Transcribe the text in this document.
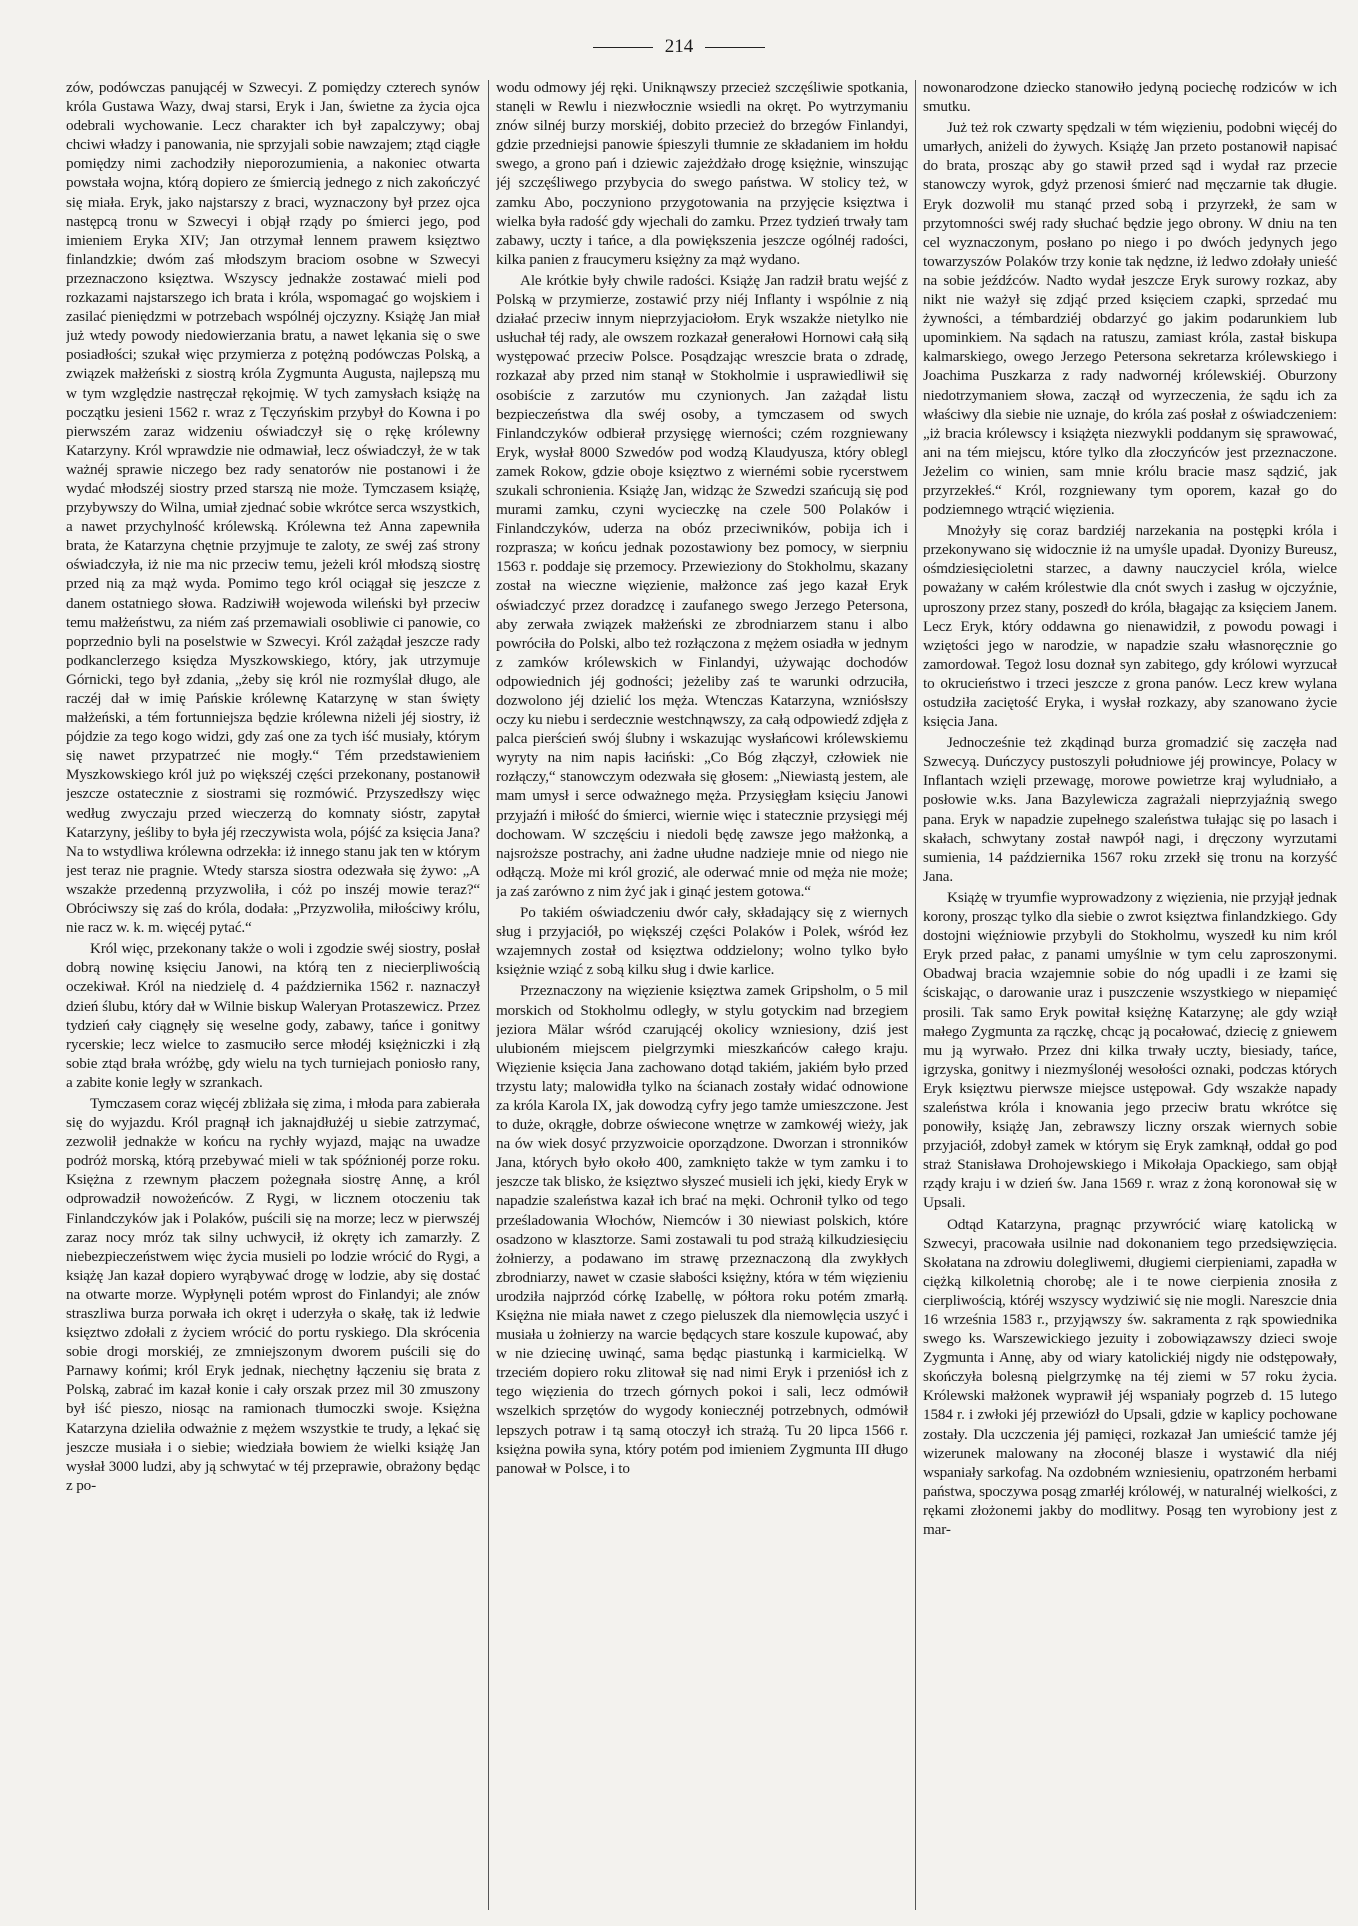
214

zów, podówczas panującéj w Szwecyi. Z pomiędzy czterech synów króla Gustawa Wazy, dwaj starsi, Eryk i Jan, świetne za życia ojca odebrali wychowanie. Lecz charakter ich był zapalczywy; obaj chciwi władzy i panowania, nie sprzyjali sobie nawzajem; ztąd ciągłe pomiędzy nimi zachodziły nieporozumienia, a nakoniec otwarta powstała wojna, którą dopiero ze śmiercią jednego z nich zakończyć się miała. Eryk, jako najstarszy z braci, wyznaczony był przez ojca następcą tronu w Szwecyi i objął rządy po śmierci jego, pod imieniem Eryka XIV; Jan otrzymał lennem prawem księztwo finlandzkie; dwóm zaś młodszym braciom osobne w Szwecyi przeznaczono księztwa. Wszyscy jednakże zostawać mieli pod rozkazami najstarszego ich brata i króla, wspomagać go wojskiem i zasilać pieniędzmi w potrzebach wspólnéj ojczyzny. Książę Jan miał już wtedy powody niedowierzania bratu, a nawet lękania się o swe posiadłości; szukał więc przymierza z potężną podówczas Polską, a związek małżeński z siostrą króla Zygmunta Augusta, najlepszą mu w tym względzie nastręczał rękojmię. W tych zamysłach książę na początku jesieni 1562 r. wraz z Tęczyńskim przybył do Kowna i po pierwszém zaraz widzeniu oświadczył się o rękę królewny Katarzyny. Król wprawdzie nie odmawiał, lecz oświadczył, że w tak ważnéj sprawie niczego bez rady senatorów nie postanowi i że wydać młodszéj siostry przed starszą nie może. Tymczasem książę, przybywszy do Wilna, umiał zjednać sobie wkrótce serca wszystkich, a nawet przychylność królewską. Królewna też Anna zapewniła brata, że Katarzyna chętnie przyjmuje te zaloty, ze swéj zaś strony oświadczyła, iż nie ma nic przeciw temu, jeżeli król młodszą siostrę przed nią za mąż wyda. Pomimo tego król ociągał się jeszcze z danem ostatniego słowa. Radziwiłł wojewoda wileński był przeciw temu małżeństwu, za niém zaś przemawiali osobliwie ci panowie, co poprzednio byli na poselstwie w Szwecyi. Król zażądał jeszcze rady podkanclerzego księdza Myszkowskiego, który, jak utrzymuje Górnicki, tego był zdania, „żeby się król nie rozmyślał długo, ale raczéj dał w imię Pańskie królewnę Katarzynę w stan święty małżeński, a tém fortunniejsza będzie królewna niżeli jéj siostry, iż pójdzie za tego kogo widzi, gdy zaś one za tych iść musiały, którym się nawet przypatrzeć nie mogły.“ Tém przedstawieniem Myszkowskiego król już po większéj części przekonany, postanowił jeszcze ostatecznie z siostrami się rozmówić. Przyszedłszy więc według zwyczaju przed wieczerzą do komnaty sióstr, zapytał Katarzyny, jeśliby to była jéj rzeczywista wola, pójść za księcia Jana? Na to wstydliwa królewna odrzekła: iż innego stanu jak ten w którym jest teraz nie pragnie. Wtedy starsza siostra odezwała się żywo: „A wszakże przedenną przyzwoliła, i cóż po inszéj mowie teraz?“ Obróciwszy się zaś do króla, dodała: „Przyzwoliła, miłościwy królu, nie racz w. k. m. więcéj pytać.“

Król więc, przekonany także o woli i zgodzie swéj siostry, posłał dobrą nowinę księciu Janowi, na którą ten z niecierpliwością oczekiwał. Król na niedzielę d. 4 października 1562 r. naznaczył dzień ślubu, który dał w Wilnie biskup Waleryan Protaszewicz. Przez tydzień cały ciągnęły się weselne gody, zabawy, tańce i gonitwy rycerskie; lecz wielce to zasmuciło serce młodéj księżniczki i złą sobie ztąd brała wróżbę, gdy wielu na tych turniejach poniosło rany, a zabite konie legły w szrankach.

Tymczasem coraz więcéj zbliżała się zima, i młoda para zabierała się do wyjazdu. Król pragnął ich jaknajdłużéj u siebie zatrzymać, zezwolił jednakże w końcu na rychły wyjazd, mając na uwadze podróż morską, którą przebywać mieli w tak spóźnionéj porze roku. Księżna z rzewnym płaczem pożegnała siostrę Annę, a król odprowadził nowożeńców. Z Rygi, w licznem otoczeniu tak Finlandczyków jak i Polaków, puścili się na morze; lecz w pierwszéj zaraz nocy mróz tak silny uchwycił, iż okręty ich zamarzły. Z niebezpieczeństwem więc życia musieli po lodzie wrócić do Rygi, a książę Jan kazał dopiero wyrąbywać drogę w lodzie, aby się dostać na otwarte morze. Wypłynęli potém wprost do Finlandyi; ale znów straszliwa burza porwała ich okręt i uderzyła o skałę, tak iż ledwie księztwo zdołali z życiem wrócić do portu ryskiego. Dla skrócenia sobie drogi morskiéj, ze zmniejszonym dworem puścili się do Parnawy końmi; król Eryk jednak, niechętny łączeniu się brata z Polską, zabrać im kazał konie i cały orszak przez mil 30 zmuszony był iść pieszo, niosąc na ramionach tłumoczki swoje. Księżna Katarzyna dzieliła odważnie z mężem wszystkie te trudy, a lękać się jeszcze musiała i o siebie; wiedziała bowiem że wielki książę Jan wysłał 3000 ludzi, aby ją schwytać w téj przeprawie, obrażony będąc z po-

wodu odmowy jéj ręki. Uniknąwszy przecież szczęśliwie spotkania, stanęli w Rewlu i niezwłocznie wsiedli na okręt. Po wytrzymaniu znów silnéj burzy morskiéj, dobito przecież do brzegów Finlandyi, gdzie przedniejsi panowie śpieszyli tłumnie ze składaniem im hołdu swego, a grono pań i dziewic zajeżdżało drogę księżnie, winszując jéj szczęśliwego przybycia do swego państwa. W stolicy też, w zamku Abo, poczyniono przygotowania na przyjęcie księztwa i wielka była radość gdy wjechali do zamku. Przez tydzień trwały tam zabawy, uczty i tańce, a dla powiększenia jeszcze ogólnéj radości, kilka panien z fraucymeru księżny za mąż wydano.

Ale krótkie były chwile radości. Książę Jan radził bratu wejść z Polską w przymierze, zostawić przy niéj Inflanty i wspólnie z nią działać przeciw innym nieprzyjaciołom. Eryk wszakże nietylko nie usłuchał téj rady, ale owszem rozkazał generałowi Hornowi całą siłą występować przeciw Polsce. Posądzając wreszcie brata o zdradę, rozkazał aby przed nim stanął w Stokholmie i usprawiedliwił się osobiście z zarzutów mu czynionych. Jan zażądał listu bezpieczeństwa dla swéj osoby, a tymczasem od swych Finlandczyków odbierał przysięgę wierności; czém rozgniewany Eryk, wysłał 8000 Szwedów pod wodzą Klaudyusza, który oblegl zamek Rokow, gdzie oboje księztwo z wiernémi sobie rycerstwem szukali schronienia. Książę Jan, widząc że Szwedzi szańcują się pod murami zamku, czyni wycieczkę na czele 500 Polaków i Finlandczyków, uderza na obóz przeciwników, pobija ich i rozprasza; w końcu jednak pozostawiony bez pomocy, w sierpniu 1563 r. poddaje się przemocy. Przewieziony do Stokholmu, skazany został na wieczne więzienie, małżonce zaś jego kazał Eryk oświadczyć przez doradzcę i zaufanego swego Jerzego Petersona, aby zerwała związek małżeński ze zbrodniarzem stanu i albo powróciła do Polski, albo też rozłączona z mężem osiadła w jednym z zamków królewskich w Finlandyi, używając dochodów odpowiednich jéj godności; jeżeliby zaś te warunki odrzuciła, dozwolono jéj dzielić los męża. Wtenczas Katarzyna, wzniósłszy oczy ku niebu i serdecznie westchnąwszy, za całą odpowiedź zdjęła z palca pierścień swój ślubny i wskazując wysłańcowi królewskiemu wyryty na nim napis łaciński: „Co Bóg złączył, człowiek nie rozłączy,“ stanowczym odezwała się głosem: „Niewiastą jestem, ale mam umysł i serce odważnego męża. Przysięgłam księciu Janowi przyjaźń i miłość do śmierci, wiernie więc i statecznie przysięgi méj dochowam. W szczęściu i niedoli będę zawsze jego małżonką, a najsroższe postrachy, ani żadne ułudne nadzieje mnie od niego nie odłączą. Może mi król grozić, ale oderwać mnie od męża nie może; ja zaś zarówno z nim żyć jak i ginąć jestem gotowa.“

Po takiém oświadczeniu dwór cały, składający się z wiernych sług i przyjaciół, po większéj części Polaków i Polek, wśród łez wzajemnych został od księztwa oddzielony; wolno tylko było księżnie wziąć z sobą kilku sług i dwie karlice.

Przeznaczony na więzienie księztwa zamek Gripsholm, o 5 mil morskich od Stokholmu odległy, w stylu gotyckim nad brzegiem jeziora Mälar wśród czarującéj okolicy wzniesiony, dziś jest ulubioném miejscem pielgrzymki mieszkańców całego kraju. Więzienie księcia Jana zachowano dotąd takiém, jakiém było przed trzystu laty; malowidła tylko na ścianach zostały widać odnowione za króla Karola IX, jak dowodzą cyfry jego tamże umieszczone. Jest to duże, okrągłe, dobrze oświecone wnętrze w zamkowéj wieży, jak na ów wiek dosyć przyzwoicie oporządzone. Dworzan i stronników Jana, których było około 400, zamknięto także w tym zamku i to jeszcze tak blisko, że księztwo słyszeć musieli ich jęki, kiedy Eryk w napadzie szaleństwa kazał ich brać na męki. Ochronił tylko od tego prześladowania Włochów, Niemców i 30 niewiast polskich, które osadzono w klasztorze. Sami zostawali tu pod strażą kilkudziesięciu żołnierzy, a podawano im strawę przeznaczoną dla zwykłych zbrodniarzy, nawet w czasie słabości księżny, która w tém więzieniu urodziła najprzód córkę Izabellę, w półtora roku potém zmarłą. Księżna nie miała nawet z czego pieluszek dla niemowlęcia uszyć i musiała u żołnierzy na warcie będących stare koszule kupować, aby w nie dziecinę uwinąć, sama będąc piastunką i karmicielką. W trzeciém dopiero roku zlitował się nad nimi Eryk i przeniósł ich z tego więzienia do trzech górnych pokoi i sali, lecz odmówił wszelkich sprzętów do wygody koniecznéj potrzebnych, odmówił lepszych potraw i tą samą otoczył ich strażą. Tu 20 lipca 1566 r. księżna powiła syna, który potém pod imieniem Zygmunta III długo panował w Polsce, i to

nowonarodzone dziecko stanowiło jedyną pociechę rodziców w ich smutku.

Już też rok czwarty spędzali w tém więzieniu, podobni więcéj do umarłych, aniżeli do żywych. Książę Jan przeto postanowił napisać do brata, prosząc aby go stawił przed sąd i wydał raz przecie stanowczy wyrok, gdyż przenosi śmierć nad męczarnie tak długie. Eryk dozwolił mu stanąć przed sobą i przyrzekł, że sam w przytomności swéj rady słuchać będzie jego obrony. W dniu na ten cel wyznaczonym, posłano po niego i po dwóch jedynych jego towarzyszów Polaków trzy konie tak nędzne, iż ledwo zdołały unieść na sobie jeźdźców. Nadto wydał jeszcze Eryk surowy rozkaz, aby nikt nie ważył się zdjąć przed księciem czapki, sprzedać mu żywności, a témbardziéj obdarzyć go jakim podarunkiem lub upominkiem. Na sądach na ratuszu, zamiast króla, zastał biskupa kalmarskiego, owego Jerzego Petersona sekretarza królewskiego i Joachima Puszkarza z rady nadwornéj królewskiéj. Oburzony niedotrzymaniem słowa, zaczął od wyrzeczenia, że sądu ich za właściwy dla siebie nie uznaje, do króla zaś posłał z oświadczeniem: „iż bracia królewscy i książęta niezwykli poddanym się sprawować, ani na tém miejscu, które tylko dla złoczyńców jest przeznaczone. Jeżelim co winien, sam mnie królu bracie masz sądzić, jak przyrzekłeś.“ Król, rozgniewany tym oporem, kazał go do podziemnego wtrącić więzienia.

Mnożyły się coraz bardziéj narzekania na postępki króla i przekonywano się widocznie iż na umyśle upadał. Dyonizy Bureusz, ośmdziesięcioletni starzec, a dawny nauczyciel króla, wielce poważany w całém królestwie dla cnót swych i zasług w ojczyźnie, uproszony przez stany, poszedł do króla, błagając za księciem Janem. Lecz Eryk, który oddawna go nienawidził, z powodu powagi i wziętości jego w narodzie, w napadzie szału własnoręcznie go zamordował. Tegoż losu doznał syn zabitego, gdy królowi wyrzucał to okrucieństwo i trzeci jeszcze z grona panów. Lecz krew wylana ostudziła zaciętość Eryka, i wysłał rozkazy, aby szanowano życie księcia Jana.

Jednocześnie też zkądinąd burza gromadzić się zaczęła nad Szwecyą. Duńczycy pustoszyli południowe jéj prowincye, Polacy w Inflantach wzięli przewagę, morowe powietrze kraj wyludniało, a posłowie w.ks. Jana Bazylewicza zagrażali nieprzyjaźnią swego pana. Eryk w napadzie zupełnego szaleństwa tułając się po lasach i skałach, schwytany został nawpół nagi, i dręczony wyrzutami sumienia, 14 października 1567 roku zrzekł się tronu na korzyść Jana.

Książę w tryumfie wyprowadzony z więzienia, nie przyjął jednak korony, prosząc tylko dla siebie o zwrot księztwa finlandzkiego. Gdy dostojni więźniowie przybyli do Stokholmu, wyszedł ku nim król Eryk przed pałac, z panami umyślnie w tym celu zaproszonymi. Obadwaj bracia wzajemnie sobie do nóg upadli i ze łzami się ściskając, o darowanie uraz i puszczenie wszystkiego w niepamięć prosili. Tak samo Eryk powitał księżnę Katarzynę; ale gdy wziął małego Zygmunta za rączkę, chcąc ją pocałować, dziecię z gniewem mu ją wyrwało. Przez dni kilka trwały uczty, biesiady, tańce, igrzyska, gonitwy i niezmyślonéj wesołości oznaki, podczas których Eryk księztwu pierwsze miejsce ustępował. Gdy wszakże napady szaleństwa króla i knowania jego przeciw bratu wkrótce się ponowiły, książę Jan, zebrawszy liczny orszak wiernych sobie przyjaciół, zdobył zamek w którym się Eryk zamknął, oddał go pod straż Stanisława Drohojewskiego i Mikołaja Opackiego, sam objął rządy kraju i w dzień św. Jana 1569 r. wraz z żoną koronował się w Upsali.

Odtąd Katarzyna, pragnąc przywrócić wiarę katolicką w Szwecyi, pracowała usilnie nad dokonaniem tego przedsięwzięcia. Skołatana na zdrowiu dolegliwemi, długiemi cierpieniami, zapadła w ciężką kilkoletnią chorobę; ale i te nowe cierpienia znosiła z cierpliwością, któréj wszyscy wydziwić się nie mogli. Nareszcie dnia 16 września 1583 r., przyjąwszy św. sakramenta z rąk spowiednika swego ks. Warszewickiego jezuity i zobowiązawszy dzieci swoje Zygmunta i Annę, aby od wiary katolickiéj nigdy nie odstępowały, skończyła bolesną pielgrzymkę na téj ziemi w 57 roku życia. Królewski małżonek wyprawił jéj wspaniały pogrzeb d. 15 lutego 1584 r. i zwłoki jéj przewiózł do Upsali, gdzie w kaplicy pochowane zostały. Dla uczczenia jéj pamięci, rozkazał Jan umieścić tamże jéj wizerunek malowany na złoconéj blasze i wystawić dla niéj wspaniały sarkofag. Na ozdobném wzniesieniu, opatrzoném herbami państwa, spoczywa posąg zmarłéj królowéj, w naturalnéj wielkości, z rękami złożonemi jakby do modlitwy. Posąg ten wyrobiony jest z mar-
